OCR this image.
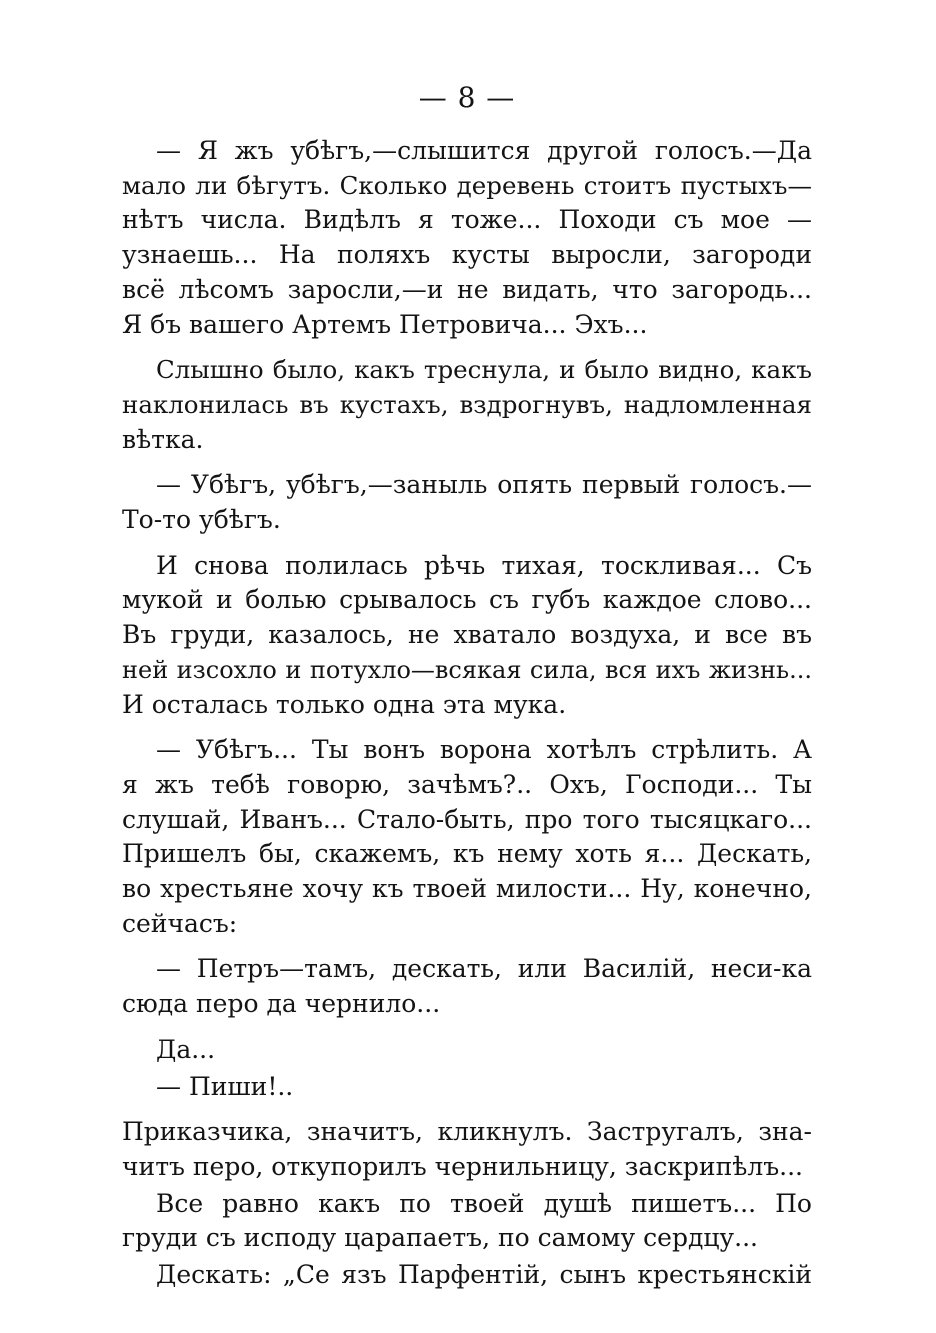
— 8 —
— Я жъ убѣгъ,—слышится другой голосъ.—Да
мало ли бѣгутъ. Сколько деревень стоитъ пустыхъ—
нѣтъ числа. Видѣлъ я тоже... Походи съ мое —
узнаешь... На поляхъ кусты выросли, загороди
всё лѣсомъ заросли,—и не видать, что загородь...
Я бъ вашего Артемъ Петровича... Эхъ...
Слышно было, какъ треснула, и было видно, какъ
наклонилась въ кустахъ, вздрогнувъ, надломленная
вѣтка.
— Убѣгъ, убѣгъ,—заныль опять первый голосъ.—
То-то убѣгъ.
И снова полилась рѣчь тихая, тоскливая... Съ
мукой и болью срывалось съ губъ каждое слово...
Въ груди, казалось, не хватало воздуха, и все въ
ней изсохло и потухло—всякая сила, вся ихъ жизнь...
И осталась только одна эта мука.
— Убѣгъ... Ты вонъ ворона хотѣлъ стрѣлить. А
я жъ тебѣ говорю, зачѣмъ?.. Охъ, Господи... Ты
слушай, Иванъ... Стало-быть, про того тысяцкаго...
Пришелъ бы, скажемъ, къ нему хоть я... Дескать,
во хрестьяне хочу къ твоей милости... Ну, конечно,
сейчасъ:
— Петръ—тамъ, дескать, или Василій, неси-ка
сюда перо да чернило...
Да...
— Пиши!..
Приказчика, значитъ, кликнулъ. Застругалъ, зна-
читъ перо, откупорилъ чернильницу, заскрипѣлъ...
Все равно какъ по твоей душѣ пишетъ... По
груди съ исподу царапаетъ, по самому сердцу...
Дескать: „Се язъ Парфентій, сынъ крестьянскій
